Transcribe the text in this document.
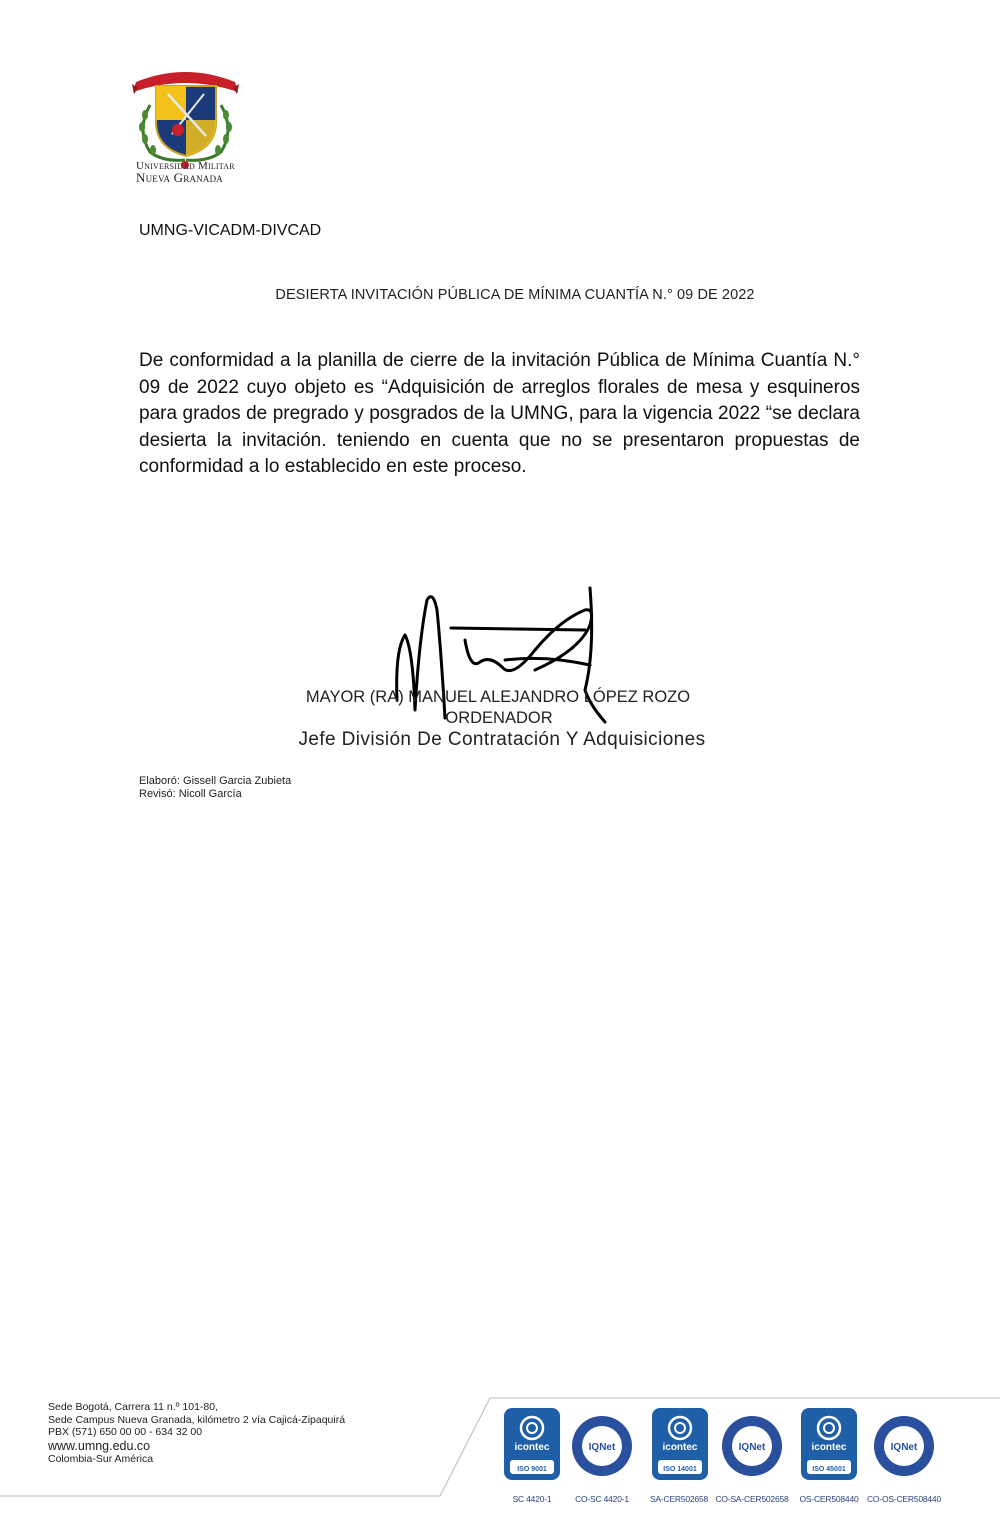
Universidad Militar
Nueva Granada
UMNG-VICADM-DIVCAD
DESIERTA INVITACIÓN PÚBLICA DE MÍNIMA CUANTÍA N.° 09 DE 2022
De conformidad a la planilla de cierre de la invitación Pública de Mínima Cuantía N.° 09 de 2022 cuyo objeto es “Adquisición de arreglos florales de mesa y esquineros para grados de pregrado y posgrados de la UMNG, para la vigencia 2022 “se declara desierta la invitación. teniendo en cuenta que no se presentaron propuestas de conformidad a lo establecido en este proceso.
MAYOR (RA) MANUEL ALEJANDRO LÓPEZ ROZO
ORDENADOR
Jefe División De Contratación Y Adquisiciones
Elaboró: Gissell Garcia Zubieta
Revisó: Nicoll García
Sede Bogotá, Carrera 11 n.º 101-80,
Sede Campus Nueva Granada, kilómetro 2 vía Cajicá-Zipaquirá
PBX (571) 650 00 00 - 634 32 00
www.umng.edu.co
Colombia-Sur América
icontec
ISO 9001
IQNet	icontec
ISO 14001
IQNet	icontec
ISO 45001
IQNet
SC 4420-1	CO-SC 4420-1	SA-CER502658 CO-SA-CER502658	OS-CER508440 CO-OS-CER508440
